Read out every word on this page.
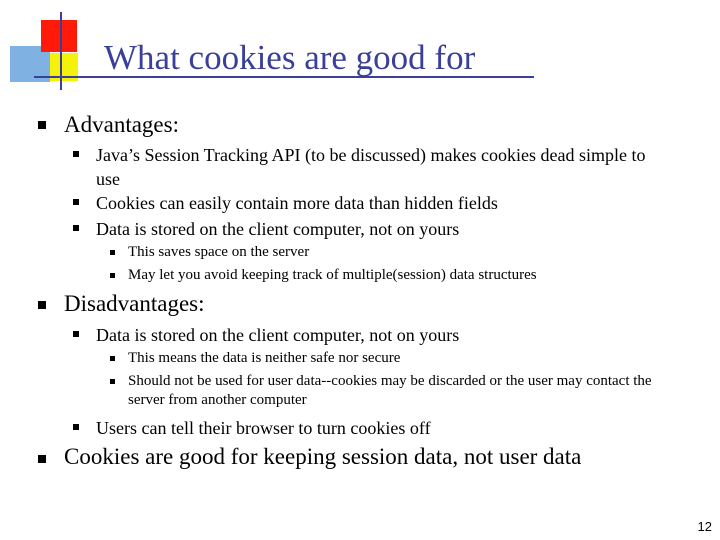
What cookies are good for
Advantages:
Java’s Session Tracking API (to be discussed) makes cookies dead simple to use
Cookies can easily contain more data than hidden fields
Data is stored on the client computer, not on yours
This saves space on the server
May let you avoid keeping track of multiple(session) data structures
Disadvantages:
Data is stored on the client computer, not on yours
This means the data is neither safe nor secure
Should not be used for user data--cookies may be discarded or the user may contact the server from another computer
Users can tell their browser to turn cookies off
Cookies are good for keeping session data, not user data
12
